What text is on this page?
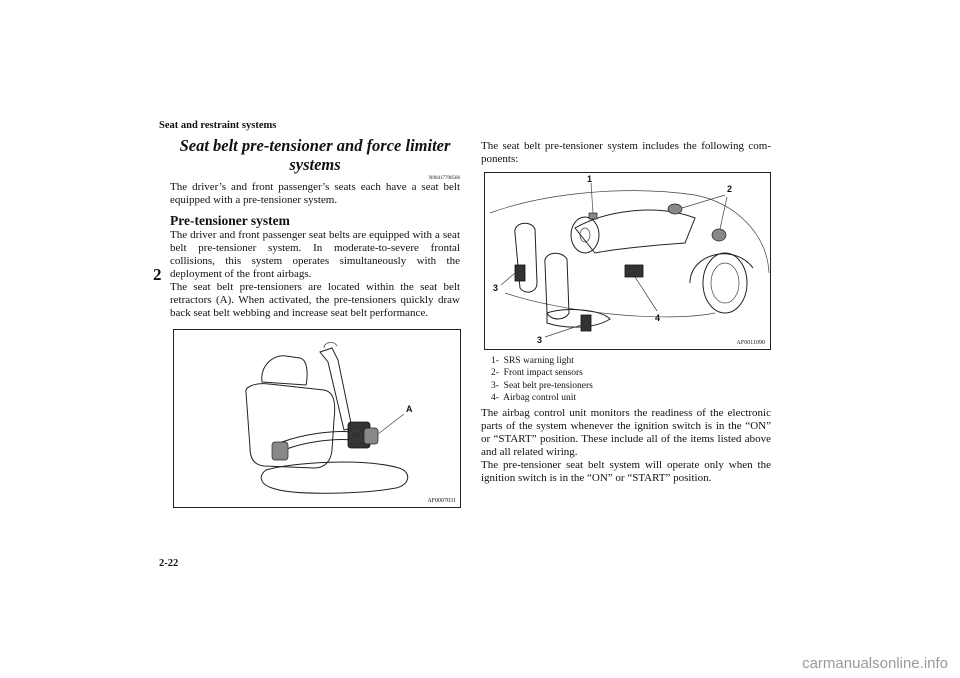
Seat and restraint systems
2
Seat belt pre-tensioner and force limiter
systems
N00417700566
The driver’s and front passenger’s seats each have a seat belt equipped with a pre-tensioner system.
Pre-tensioner system
The driver and front passenger seat belts are equipped with a seat belt pre-tensioner system. In moderate-to-severe frontal collisions, this system operates simultaneously with the deployment of the front airbags.
The seat belt pre-tensioners are located within the seat belt retractors (A). When activated, the pre-tensioners quickly draw back seat belt webbing and increase seat belt performance.
A
AF0007031
The seat belt pre-tensioner system includes the following com-ponents:
1
2
3
3
4
AF0011090
1- SRS warning light
2- Front impact sensors
3- Seat belt pre-tensioners
4- Airbag control unit
The airbag control unit monitors the readiness of the electronic parts of the system whenever the ignition switch is in the “ON” or “START” position. These include all of the items listed above and all related wiring.
The pre-tensioner seat belt system will operate only when the ignition switch is in the “ON” or “START” position.
2-22
carmanualsonline.info
